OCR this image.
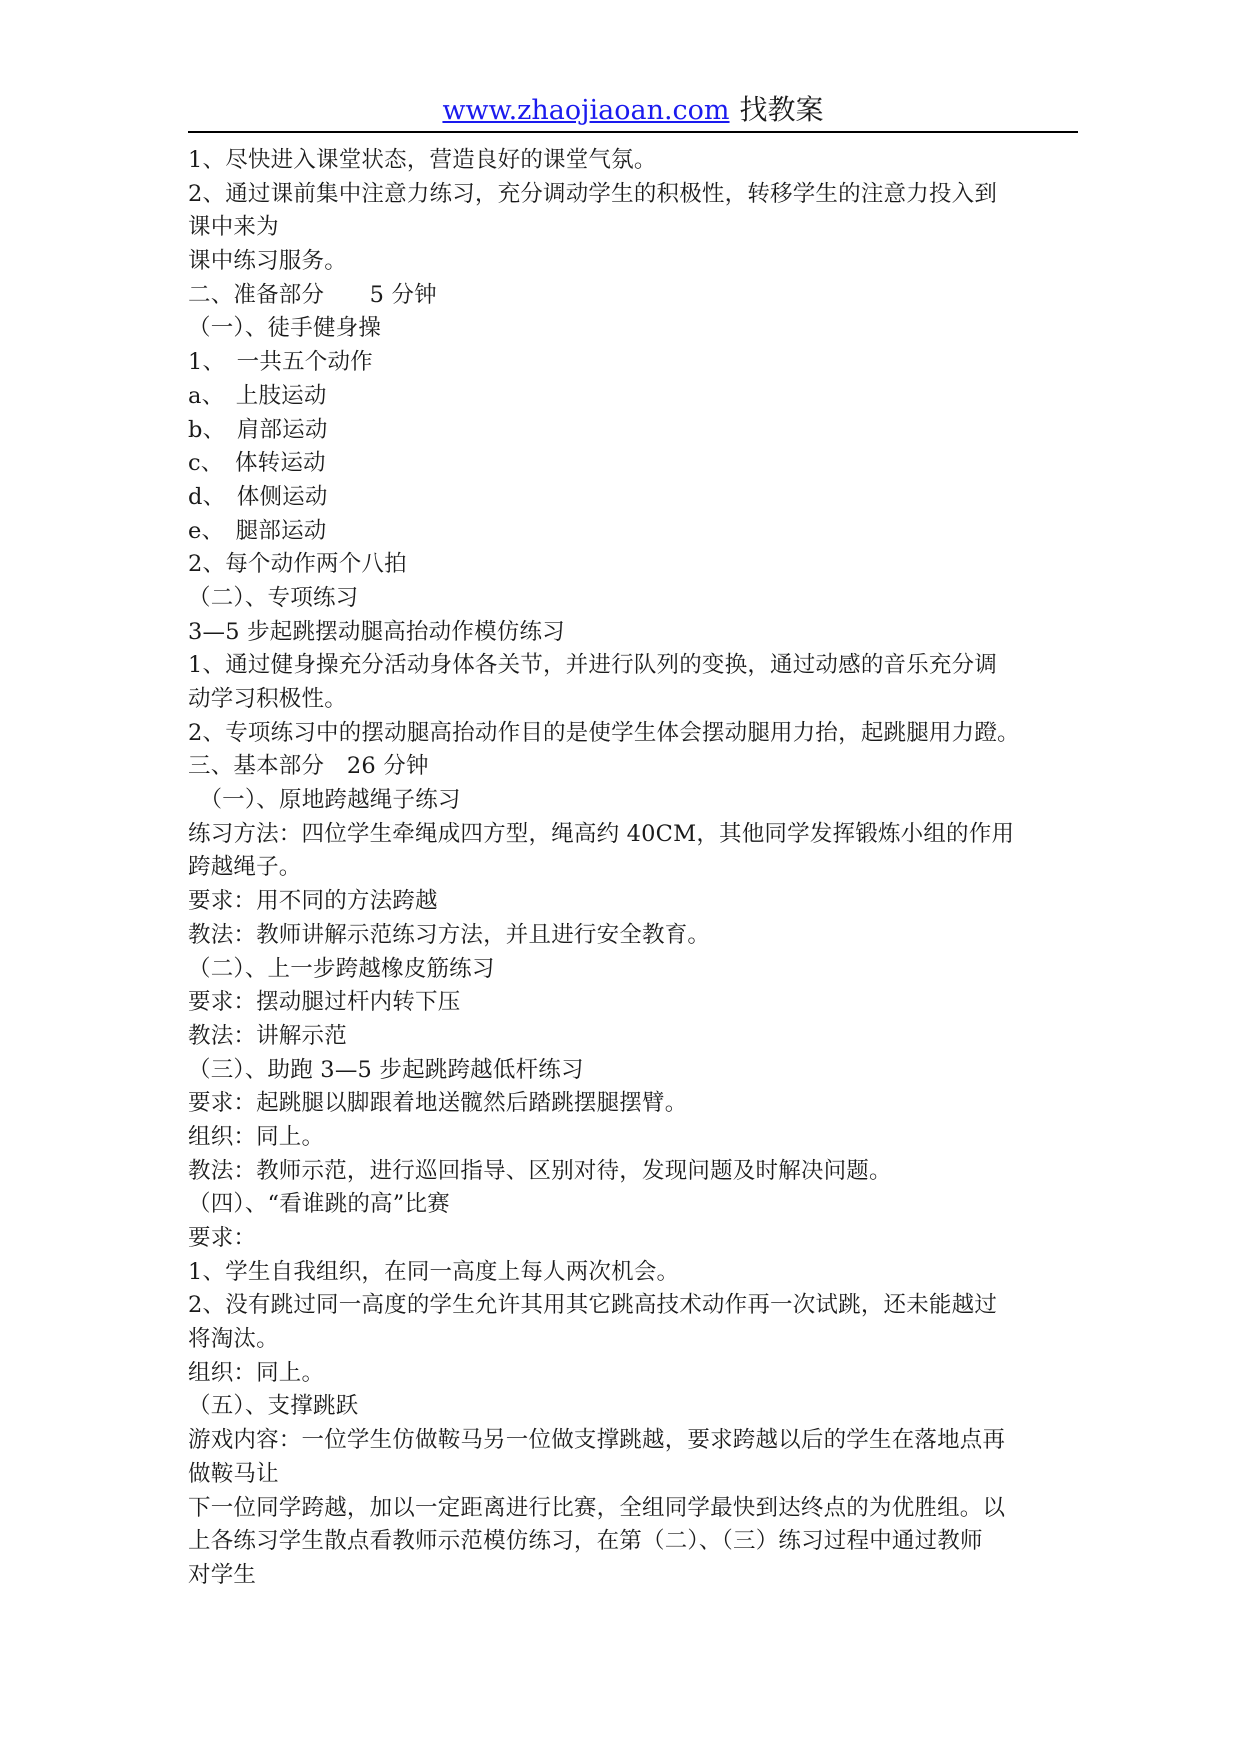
www.zhaojiaoan.com 找教案
1、尽快进入课堂状态，营造良好的课堂气氛。
2、通过课前集中注意力练习，充分调动学生的积极性，转移学生的注意力投入到
课中来为
课中练习服务。
二、准备部分　　5 分钟
（一）、徒手健身操
1、　一共五个动作
a、　上肢运动
b、　肩部运动
c、　体转运动
d、　体侧运动
e、　腿部运动
2、每个动作两个八拍
（二）、专项练习
3—5 步起跳摆动腿高抬动作模仿练习
1、通过健身操充分活动身体各关节，并进行队列的变换，通过动感的音乐充分调
动学习积极性。
2、专项练习中的摆动腿高抬动作目的是使学生体会摆动腿用力抬，起跳腿用力蹬。
三、基本部分　26 分钟
　（一）、原地跨越绳子练习
练习方法：四位学生牵绳成四方型，绳高约 40CM，其他同学发挥锻炼小组的作用
跨越绳子。
要求：用不同的方法跨越
教法：教师讲解示范练习方法，并且进行安全教育。
（二）、上一步跨越橡皮筋练习
要求：摆动腿过杆内转下压
教法：讲解示范
（三）、助跑 3—5 步起跳跨越低杆练习
要求：起跳腿以脚跟着地送髋然后踏跳摆腿摆臂。
组织：同上。
教法：教师示范，进行巡回指导、区别对待，发现问题及时解决问题。
（四）、“看谁跳的高”比赛
要求：
1、学生自我组织，在同一高度上每人两次机会。
2、没有跳过同一高度的学生允许其用其它跳高技术动作再一次试跳，还未能越过
将淘汰。
组织：同上。
（五）、支撑跳跃
游戏内容：一位学生仿做鞍马另一位做支撑跳越，要求跨越以后的学生在落地点再
做鞍马让
下一位同学跨越，加以一定距离进行比赛，全组同学最快到达终点的为优胜组。以
上各练习学生散点看教师示范模仿练习，在第（二）、（三）练习过程中通过教师
对学生
